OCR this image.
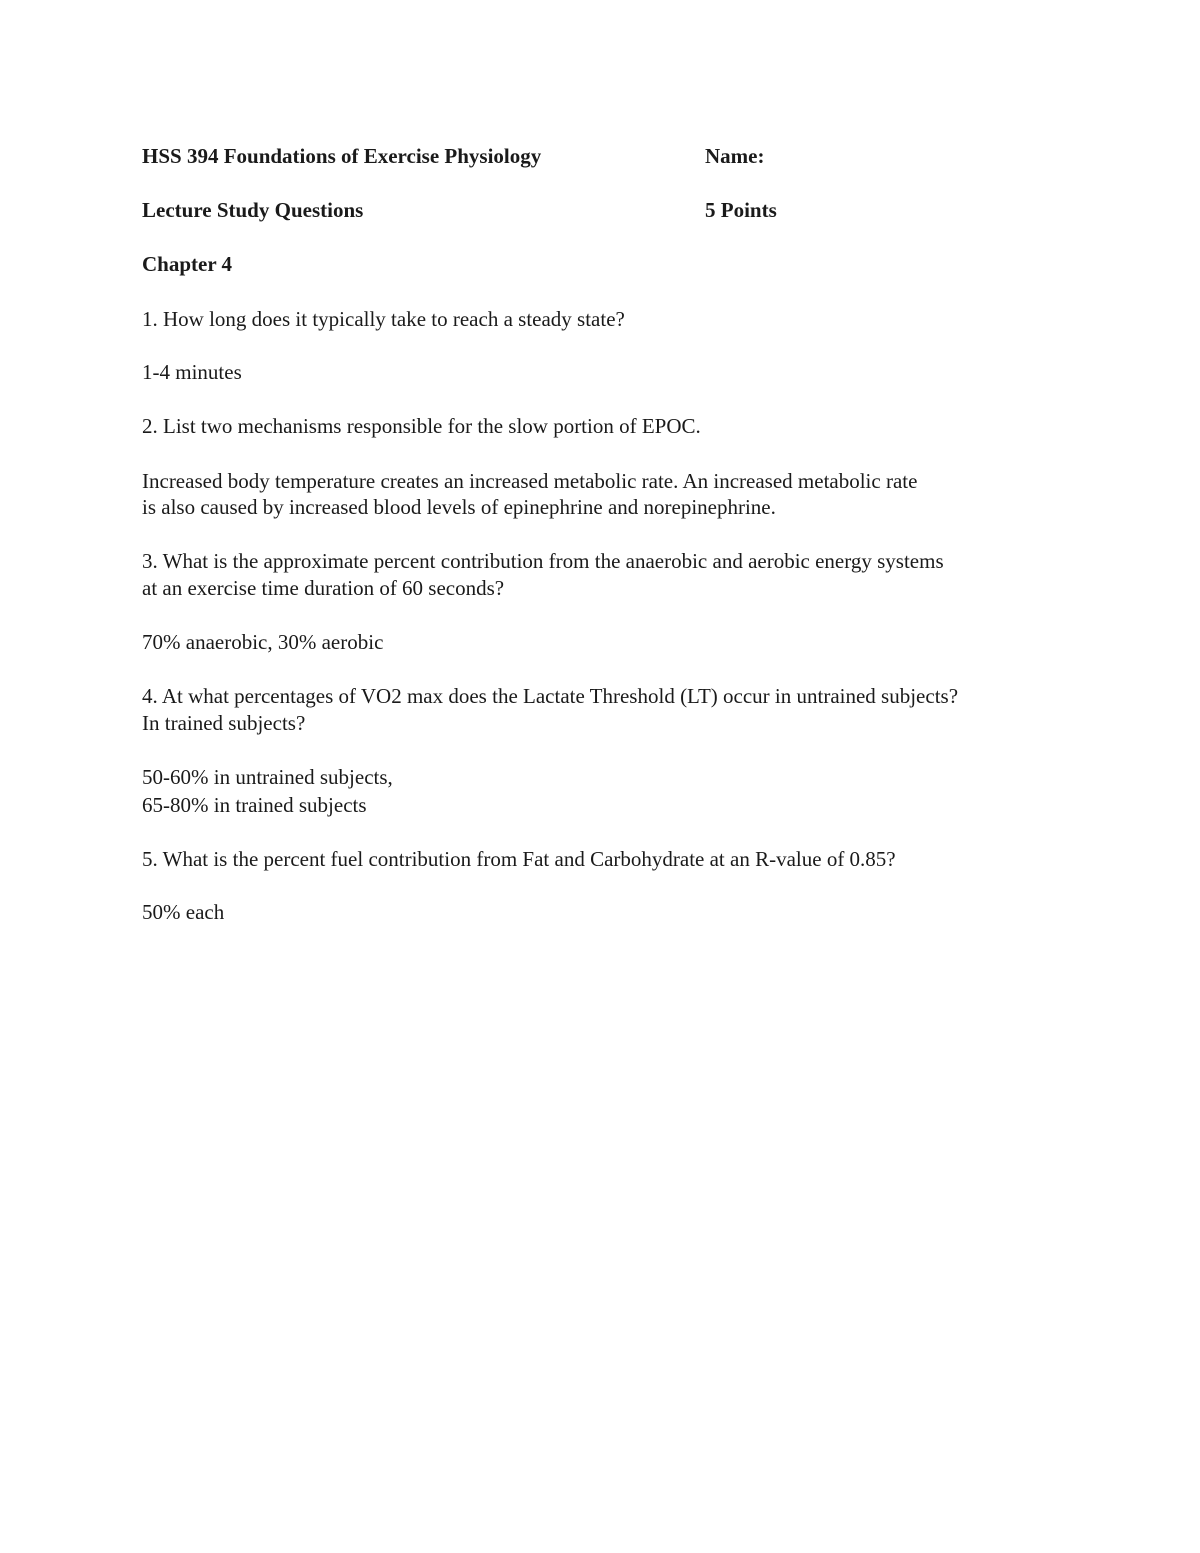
HSS 394 Foundations of Exercise Physiology	Name:
Lecture Study Questions	5 Points
Chapter 4
1. How long does it typically take to reach a steady state?
1-4 minutes
2. List two mechanisms responsible for the slow portion of EPOC.
Increased body temperature creates an increased metabolic rate. An increased metabolic rate
is also caused by increased blood levels of epinephrine and norepinephrine.
3. What is the approximate percent contribution from the anaerobic and aerobic energy systems
at an exercise time duration of 60 seconds?
70% anaerobic, 30% aerobic
4. At what percentages of VO2 max does the Lactate Threshold (LT) occur in untrained subjects?
In trained subjects?
50-60% in untrained subjects,
65-80% in trained subjects
5. What is the percent fuel contribution from Fat and Carbohydrate at an R-value of 0.85?
50% each
